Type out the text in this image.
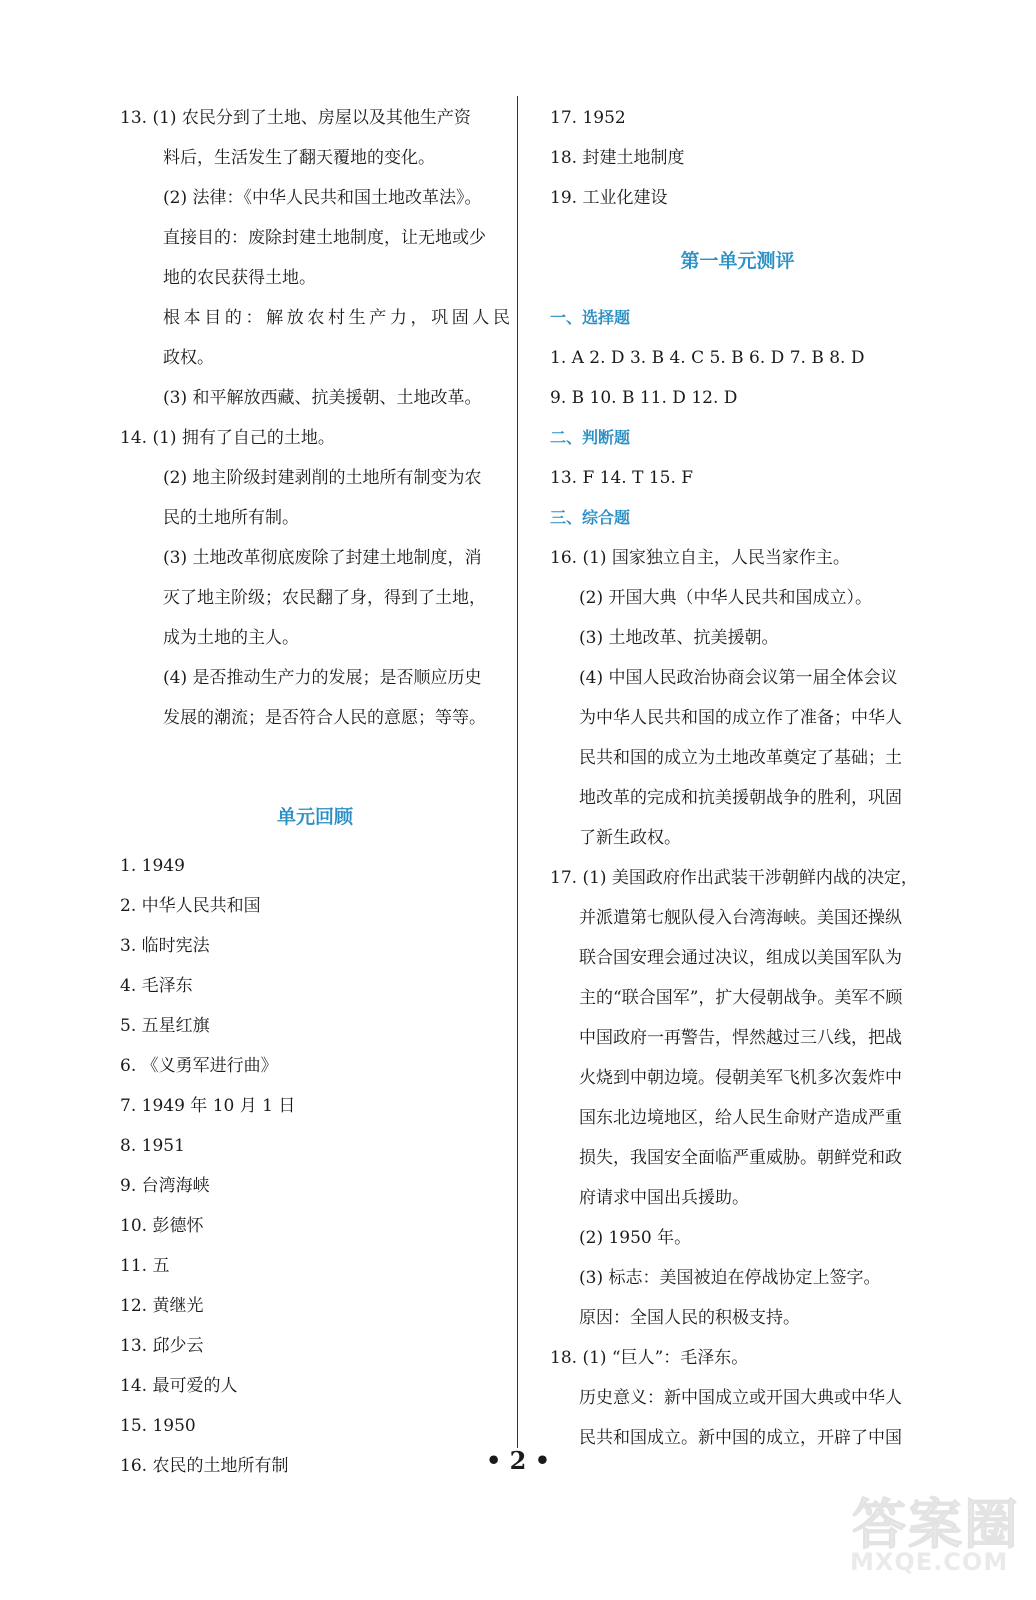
13. (1) 农民分到了土地、房屋以及其他生产资
料后，生活发生了翻天覆地的变化。
(2) 法律：《中华人民共和国土地改革法》。
直接目的：废除封建土地制度，让无地或少
地的农民获得土地。
根本目的：解放农村生产力，巩固人民
政权。
(3) 和平解放西藏、抗美援朝、土地改革。
14. (1) 拥有了自己的土地。
(2) 地主阶级封建剥削的土地所有制变为农
民的土地所有制。
(3) 土地改革彻底废除了封建土地制度，消
灭了地主阶级；农民翻了身，得到了土地，
成为土地的主人。
(4) 是否推动生产力的发展；是否顺应历史
发展的潮流；是否符合人民的意愿；等等。
单元回顾
1. 1949
2. 中华人民共和国
3. 临时宪法
4. 毛泽东
5. 五星红旗
6. 《义勇军进行曲》
7. 1949 年 10 月 1 日
8. 1951
9. 台湾海峡
10. 彭德怀
11. 五
12. 黄继光
13. 邱少云
14. 最可爱的人
15. 1950
16. 农民的土地所有制
17. 1952
18. 封建土地制度
19. 工业化建设
第一单元测评
一、选择题
1. A 2. D 3. B 4. C 5. B 6. D 7. B 8. D
9. B 10. B 11. D 12. D
二、判断题
13. F 14. T 15. F
三、综合题
16. (1) 国家独立自主，人民当家作主。
(2) 开国大典（中华人民共和国成立）。
(3) 土地改革、抗美援朝。
(4) 中国人民政治协商会议第一届全体会议
为中华人民共和国的成立作了准备；中华人
民共和国的成立为土地改革奠定了基础；土
地改革的完成和抗美援朝战争的胜利，巩固
了新生政权。
17. (1) 美国政府作出武装干涉朝鲜内战的决定，
并派遣第七舰队侵入台湾海峡。美国还操纵
联合国安理会通过决议，组成以美国军队为
主的“联合国军”，扩大侵朝战争。美军不顾
中国政府一再警告，悍然越过三八线，把战
火烧到中朝边境。侵朝美军飞机多次轰炸中
国东北边境地区，给人民生命财产造成严重
损失，我国安全面临严重威胁。朝鲜党和政
府请求中国出兵援助。
(2) 1950 年。
(3) 标志：美国被迫在停战协定上签字。
原因：全国人民的积极支持。
18. (1) “巨人”：毛泽东。
历史意义：新中国成立或开国大典或中华人
民共和国成立。新中国的成立，开辟了中国
• 2 •
答案圈
MXQE.COM
